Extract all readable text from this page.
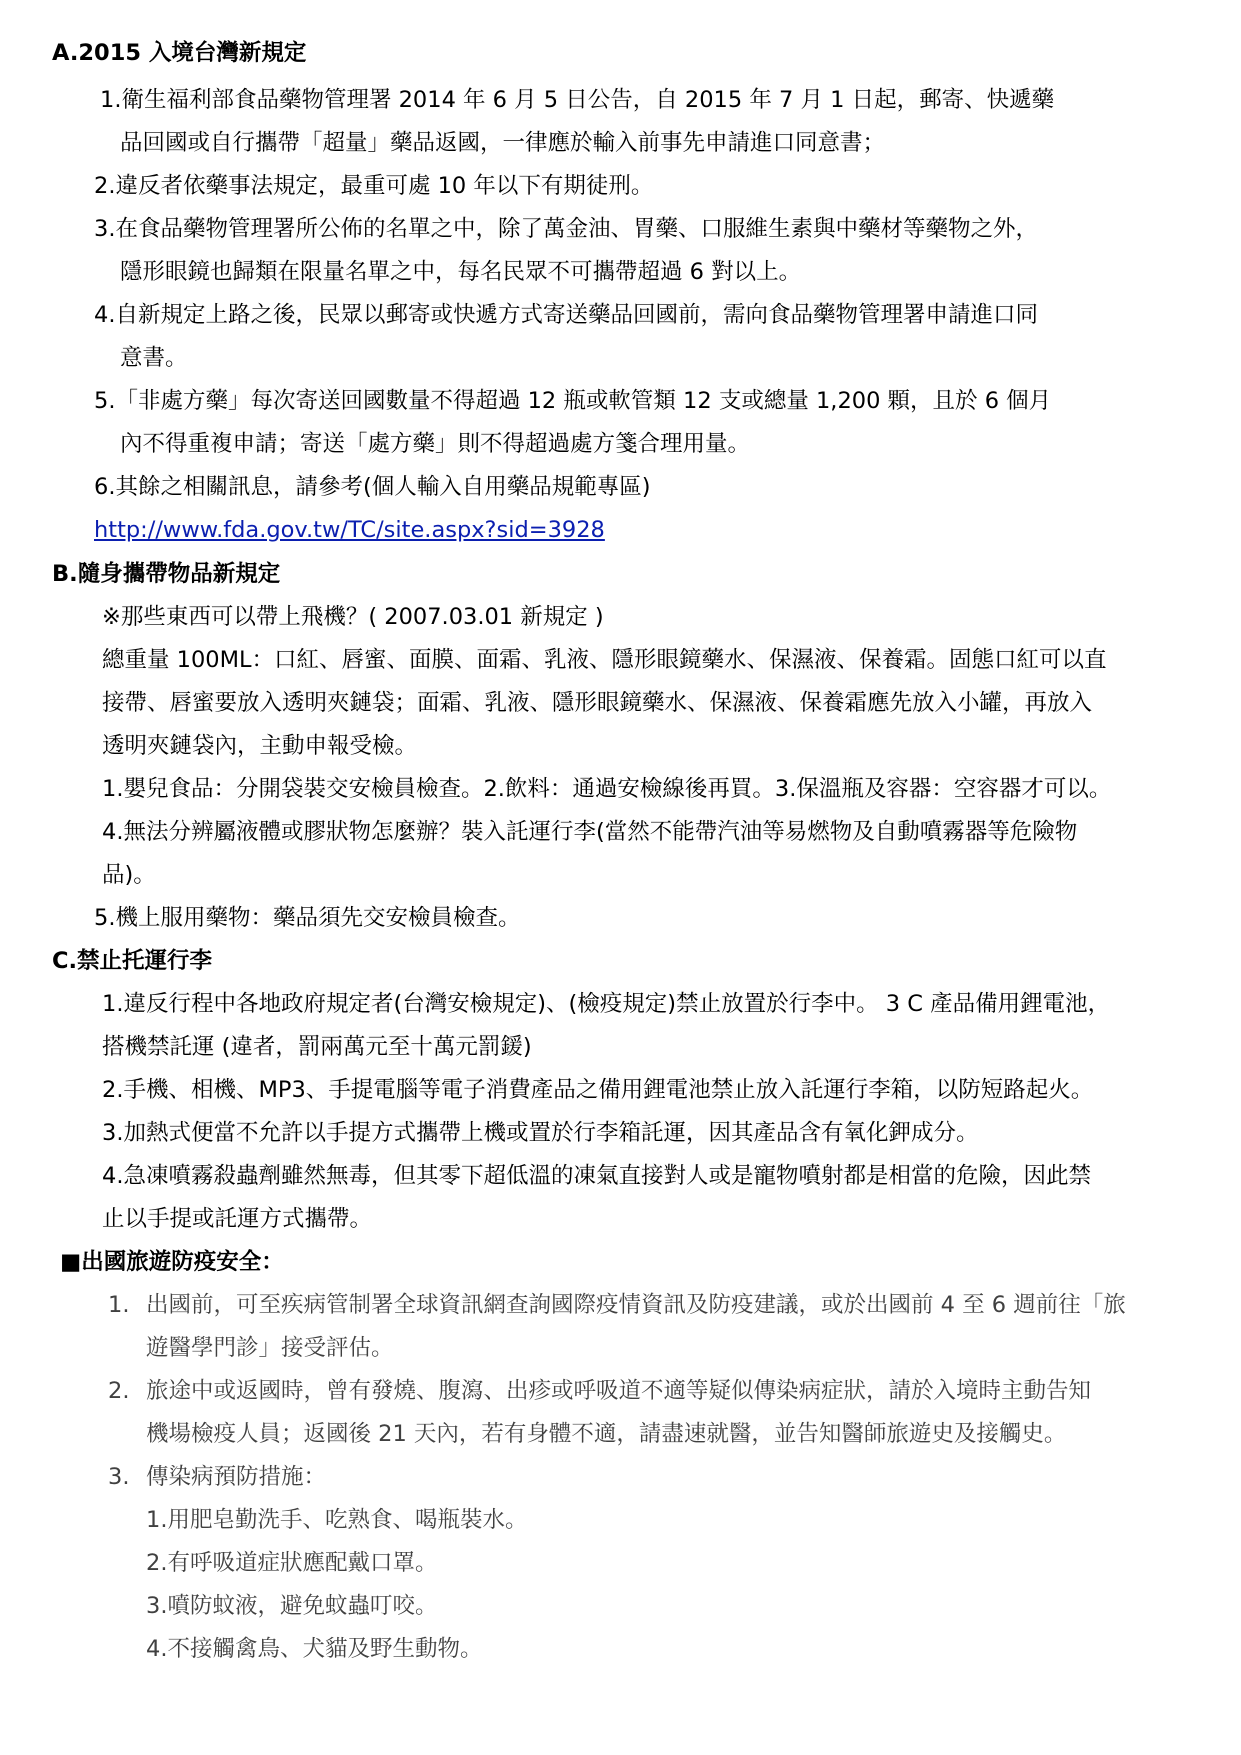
A.2015 入境台灣新規定
1.衛生福利部食品藥物管理署 2014 年 6 月 5 日公告，自 2015 年 7 月 1 日起，郵寄、快遞藥
品回國或自行攜帶「超量」藥品返國，一律應於輸入前事先申請進口同意書；
2.違反者依藥事法規定，最重可處 10 年以下有期徒刑。
3.在食品藥物管理署所公佈的名單之中，除了萬金油、胃藥、口服維生素與中藥材等藥物之外，
隱形眼鏡也歸類在限量名單之中，每名民眾不可攜帶超過 6 對以上。
4.自新規定上路之後，民眾以郵寄或快遞方式寄送藥品回國前，需向食品藥物管理署申請進口同
意書。
5.「非處方藥」每次寄送回國數量不得超過 12 瓶或軟管類 12 支或總量 1,200 顆，且於 6 個月
內不得重複申請；寄送「處方藥」則不得超過處方箋合理用量。
6.其餘之相關訊息，請參考(個人輸入自用藥品規範專區)
http://www.fda.gov.tw/TC/site.aspx?sid=3928
B.隨身攜帶物品新規定
※那些東西可以帶上飛機？( 2007.03.01 新規定 )
總重量 100ML：口紅、唇蜜、面膜、面霜、乳液、隱形眼鏡藥水、保濕液、保養霜。固態口紅可以直
接帶、唇蜜要放入透明夾鏈袋；面霜、乳液、隱形眼鏡藥水、保濕液、保養霜應先放入小罐，再放入
透明夾鏈袋內，主動申報受檢。
1.嬰兒食品：分開袋裝交安檢員檢查。2.飲料：通過安檢線後再買。3.保溫瓶及容器：空容器才可以。
4.無法分辨屬液體或膠狀物怎麼辦？裝入託運行李(當然不能帶汽油等易燃物及自動噴霧器等危險物
品)。
5.機上服用藥物：藥品須先交安檢員檢查。
C.禁止托運行李
1.違反行程中各地政府規定者(台灣安檢規定)、(檢疫規定)禁止放置於行李中。 3 C 產品備用鋰電池，
搭機禁託運 (違者，罰兩萬元至十萬元罰鍰)
2.手機、相機、MP3、手提電腦等電子消費產品之備用鋰電池禁止放入託運行李箱，以防短路起火。
3.加熱式便當不允許以手提方式攜帶上機或置於行李箱託運，因其產品含有氧化鉀成分。
4.急凍噴霧殺蟲劑雖然無毒，但其零下超低溫的凍氣直接對人或是寵物噴射都是相當的危險，因此禁
止以手提或託運方式攜帶。
■出國旅遊防疫安全：
1. 出國前，可至疾病管制署全球資訊網查詢國際疫情資訊及防疫建議，或於出國前 4 至 6 週前往「旅
遊醫學門診」接受評估。
2. 旅途中或返國時，曾有發燒、腹瀉、出疹或呼吸道不適等疑似傳染病症狀，請於入境時主動告知
機場檢疫人員；返國後 21 天內，若有身體不適，請盡速就醫，並告知醫師旅遊史及接觸史。
3. 傳染病預防措施：
1.用肥皂勤洗手、吃熟食、喝瓶裝水。
2.有呼吸道症狀應配戴口罩。
3.噴防蚊液，避免蚊蟲叮咬。
4.不接觸禽鳥、犬貓及野生動物。
